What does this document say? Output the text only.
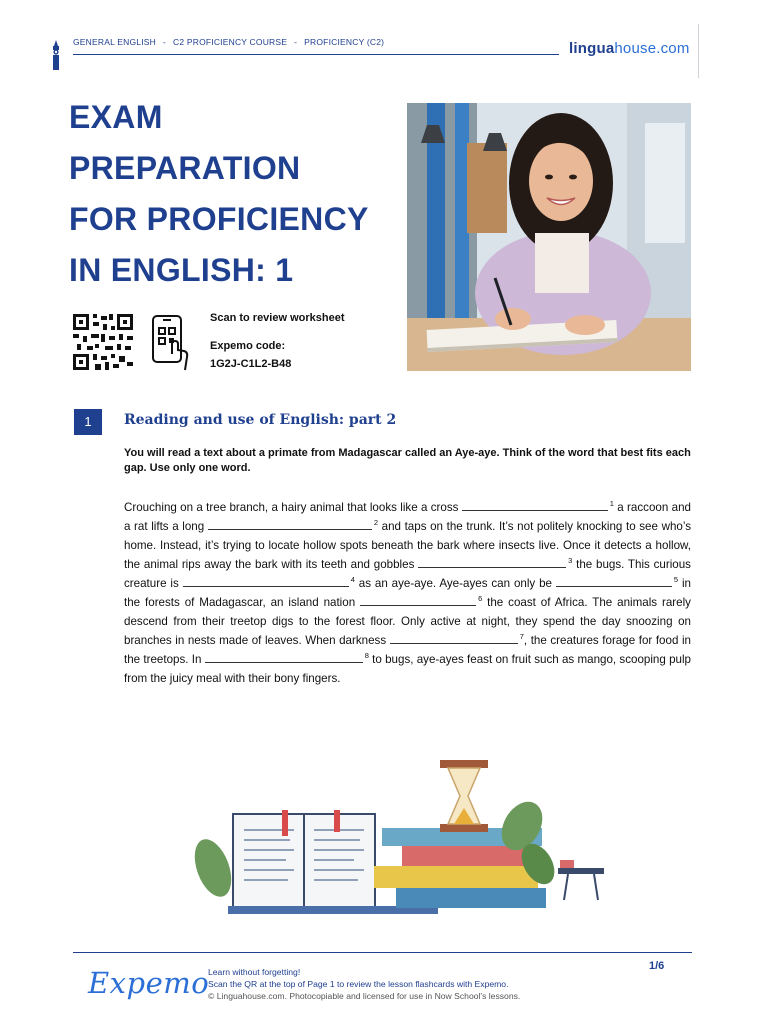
GENERAL ENGLISH - C2 PROFICIENCY COURSE - PROFICIENCY (C2)	linguahouse.com
EXAM
PREPARATION
FOR PROFICIENCY
IN ENGLISH: 1
Scan to review worksheet
Expemo code:
1G2J-C1L2-B48
1	Reading and use of English: part 2
You will read a text about a primate from Madagascar called an Aye-aye. Think of the word that best fits each gap. Use only one word.
Crouching on a tree branch, a hairy animal that looks like a cross	$^1$ a raccoon and a rat lifts a long	$^2$ and taps on the trunk. It’s not politely knocking to see who’s home. Instead, it’s trying to locate hollow spots beneath the bark where insects live. Once it detects a hollow, the animal rips away the bark with its teeth and gobbles	$^3$ the bugs. This curious creature is	$^4$ as an aye-aye. Aye-ayes can only be	$^5$ in the forests of Madagascar, an island nation	$^6$ the coast of Africa. The animals rarely descend from their treetop digs to the forest floor. Only active at night, they spend the day snoozing on branches in nests made of leaves. When darkness	$^7$, the creatures forage for food in the treetops. In	$^8$ to bugs, aye-ayes feast on fruit such as mango, scooping pulp from the juicy meal with their bony fingers.
Expemo
Learn without forgetting!
Scan the QR at the top of Page 1 to review the lesson flashcards with Expemo.
© Linguahouse.com. Photocopiable and licensed for use in Now School's lessons.
1/6
